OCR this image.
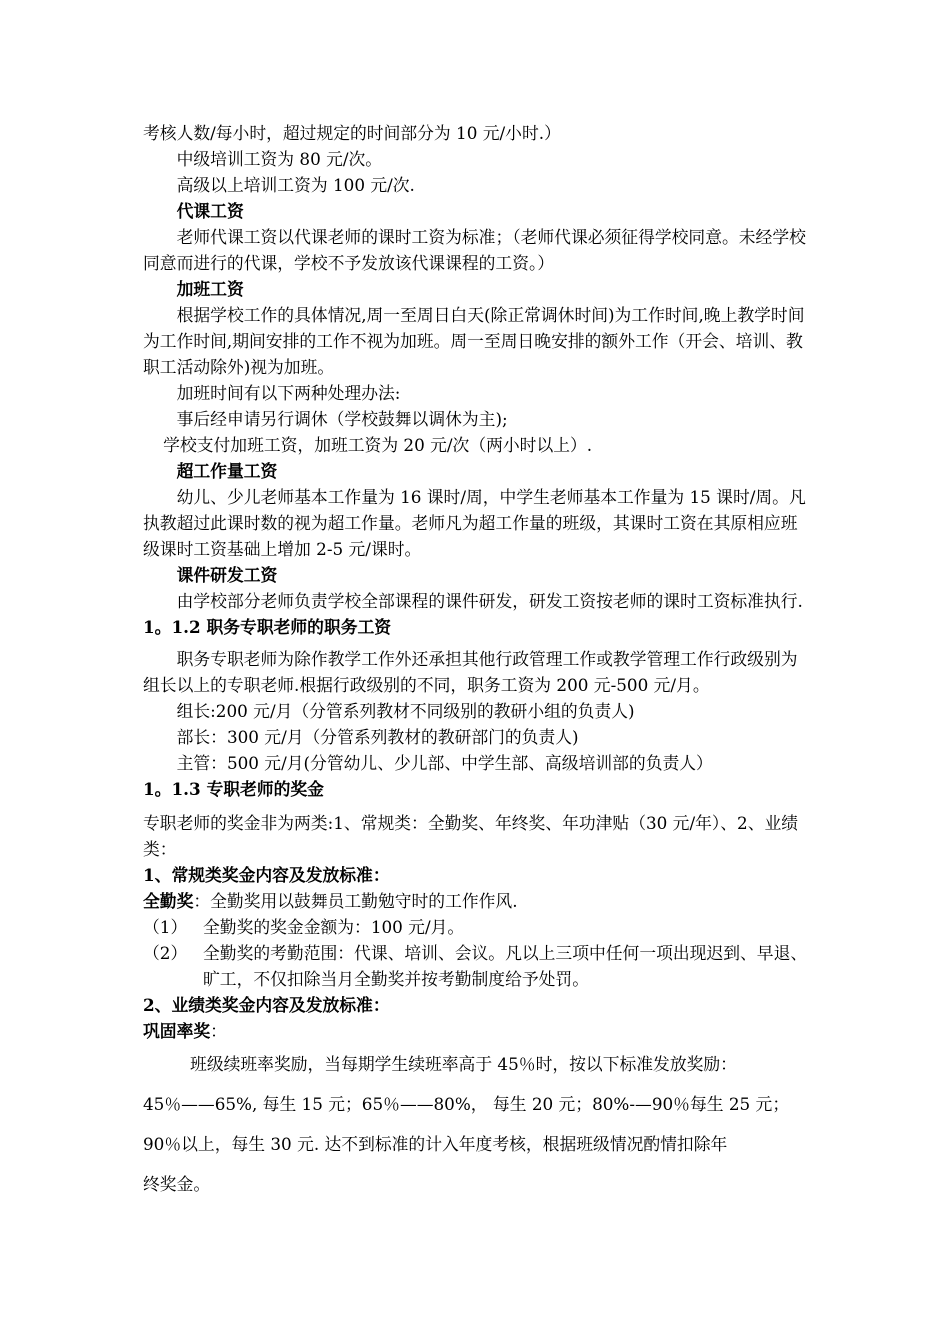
考核人数/每小时，超过规定的时间部分为 10 元/小时.）

中级培训工资为 80 元/次。

高级以上培训工资为 100 元/次.

代课工资

老师代课工资以代课老师的课时工资为标准；（老师代课必须征得学校同意。未经学校同意而进行的代课，学校不予发放该代课课程的工资。）

加班工资

根据学校工作的具体情况,周一至周日白天(除正常调休时间)为工作时间,晚上教学时间为工作时间,期间安排的工作不视为加班。周一至周日晚安排的额外工作（开会、培训、教职工活动除外)视为加班。

加班时间有以下两种处理办法:

事后经申请另行调休（学校鼓舞以调休为主);

学校支付加班工资，加班工资为 20 元/次（两小时以上）.

超工作量工资

幼儿、少儿老师基本工作量为 16 课时/周，中学生老师基本工作量为 15 课时/周。凡执教超过此课时数的视为超工作量。老师凡为超工作量的班级，其课时工资在其原相应班级课时工资基础上增加 2-5 元/课时。

课件研发工资

由学校部分老师负责学校全部课程的课件研发，研发工资按老师的课时工资标准执行.

1。1.2 职务专职老师的职务工资

职务专职老师为除作教学工作外还承担其他行政管理工作或教学管理工作行政级别为组长以上的专职老师.根据行政级别的不同，职务工资为 200 元-500 元/月。

组长:200 元/月（分管系列教材不同级别的教研小组的负责人)

部长：300 元/月（分管系列教材的教研部门的负责人)

主管：500 元/月(分管幼儿、少儿部、中学生部、高级培训部的负责人）

1。1.3 专职老师的奖金

专职老师的奖金非为两类:1、常规类：全勤奖、年终奖、年功津贴（30 元/年）、2、业绩类：

1、常规类奖金内容及发放标准：

全勤奖：全勤奖用以鼓舞员工勤勉守时的工作作风.

（1） 全勤奖的奖金金额为：100 元/月。
（2） 全勤奖的考勤范围：代课、培训、会议。凡以上三项中任何一项出现迟到、早退、旷工，不仅扣除当月全勤奖并按考勤制度给予处罚。

2、业绩类奖金内容及发放标准：

巩固率奖：

班级续班率奖励，当每期学生续班率高于 45％时，按以下标准发放奖励：

45％——65%, 每生 15 元；65％——80%， 每生 20 元；80%-—90％每生 25 元；

90％以上，每生 30 元. 达不到标准的计入年度考核，根据班级情况酌情扣除年

终奖金。
